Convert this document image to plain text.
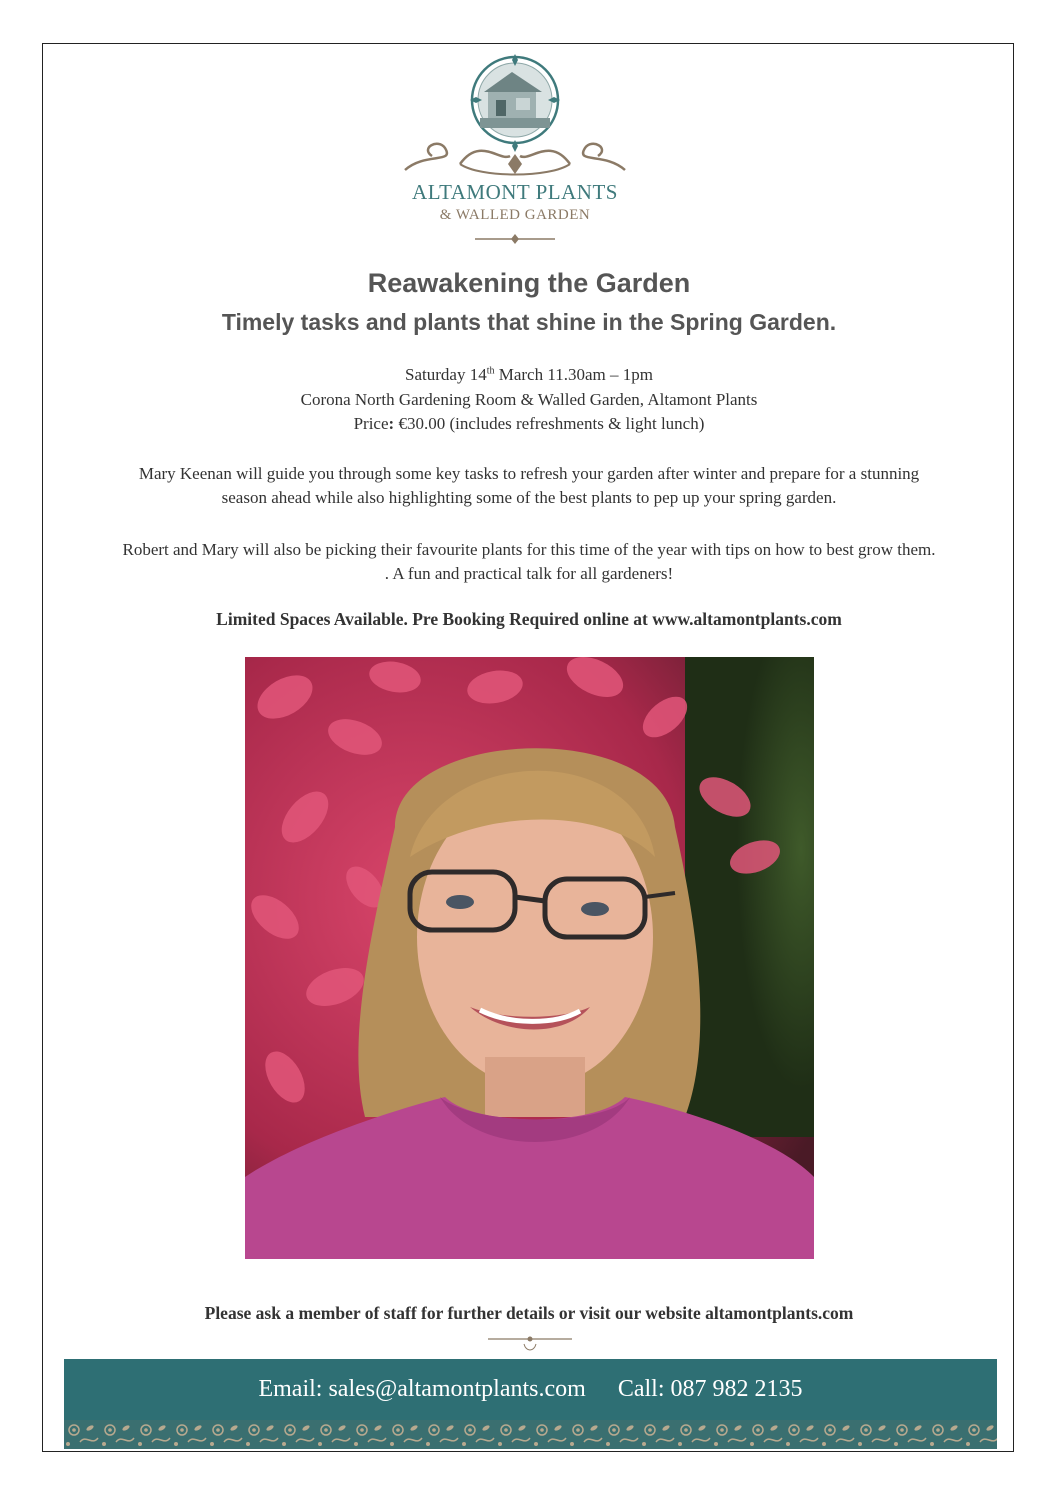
ALTAMONT PLANTS
& WALLED GARDEN
Reawakening the Garden
Timely tasks and plants that shine in the Spring Garden.
Saturday 14th March 11.30am – 1pm
Corona North Gardening Room & Walled Garden, Altamont Plants
Price: €30.00 (includes refreshments & light lunch)
Mary Keenan will guide you through some key tasks to refresh your garden after winter and prepare for a stunning
season ahead while also highlighting some of the best plants to pep up your spring garden.
Robert and Mary will also be picking their favourite plants for this time of the year with tips on how to best grow them.
. A fun and practical talk for all gardeners!
Limited Spaces Available. Pre Booking Required online at www.altamontplants.com
Please ask a member of staff for further details or visit our website altamontplants.com
Email: sales@altamontplants.com Call: 087 982 2135
